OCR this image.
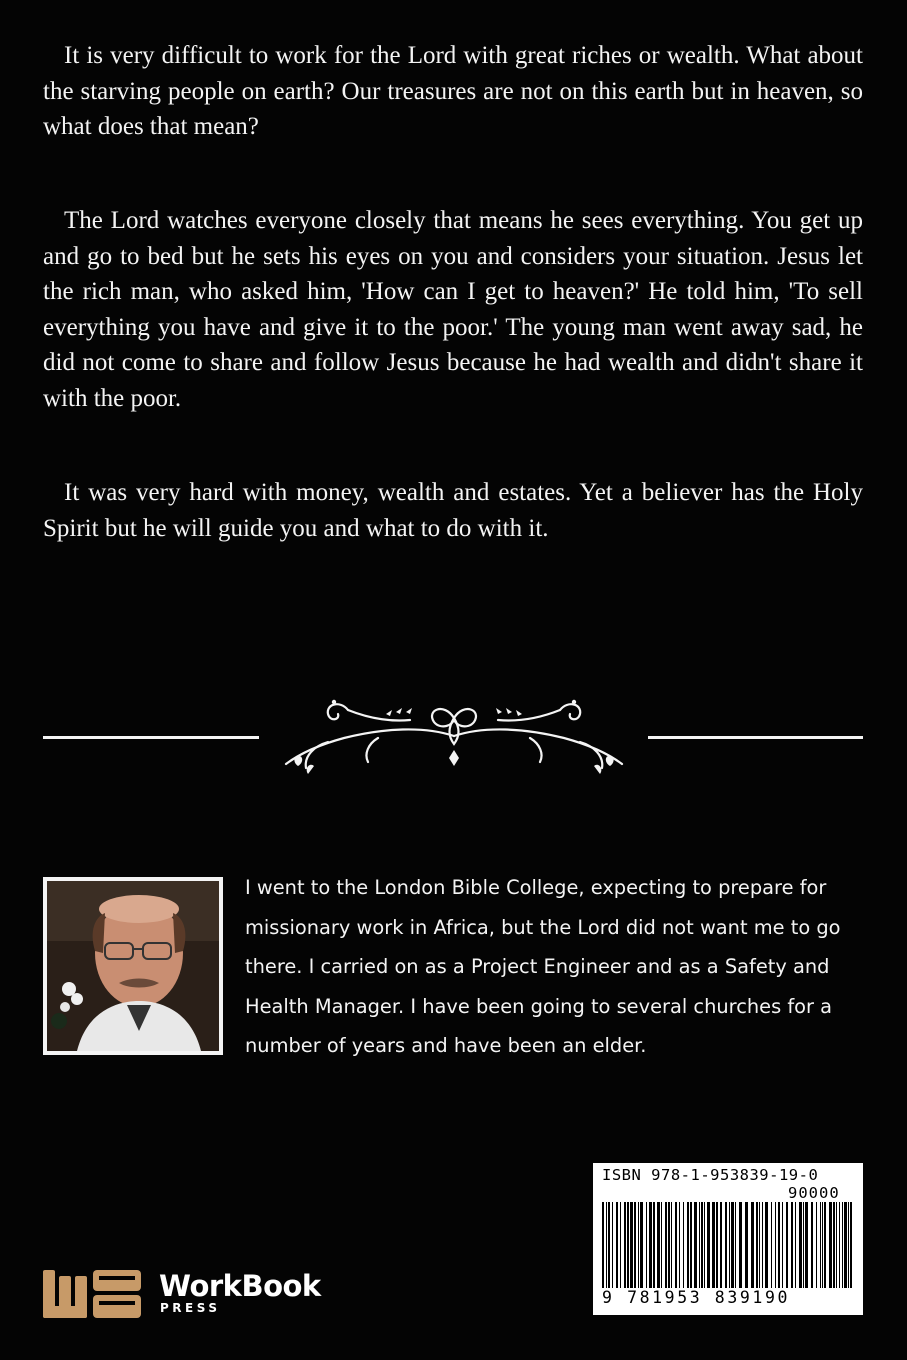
It is very difficult to work for the Lord with great riches or wealth. What about the starving people on earth? Our treasures are not on this earth but in heaven, so what does that mean?

The Lord watches everyone closely that means he sees everything. You get up and go to bed but he sets his eyes on you and considers your situation. Jesus let the rich man, who asked him, 'How can I get to heaven?' He told him, 'To sell everything you have and give it to the poor.' The young man went away sad, he did not come to share and follow Jesus because he had wealth and didn't share it with the poor.

It was very hard with money, wealth and estates. Yet a believer has the Holy Spirit but he will guide you and what to do with it.

I went to the London Bible College, expecting to prepare for
missionary work in Africa, but the Lord did not want me to go
there. I carried on as a Project Engineer and as a Safety and
Health Manager. I have been going to several churches for a
number of years and have been an elder.

ISBN 978-1-953839-19-0
90000
9 781953 839190
WorkBook
PRESS
